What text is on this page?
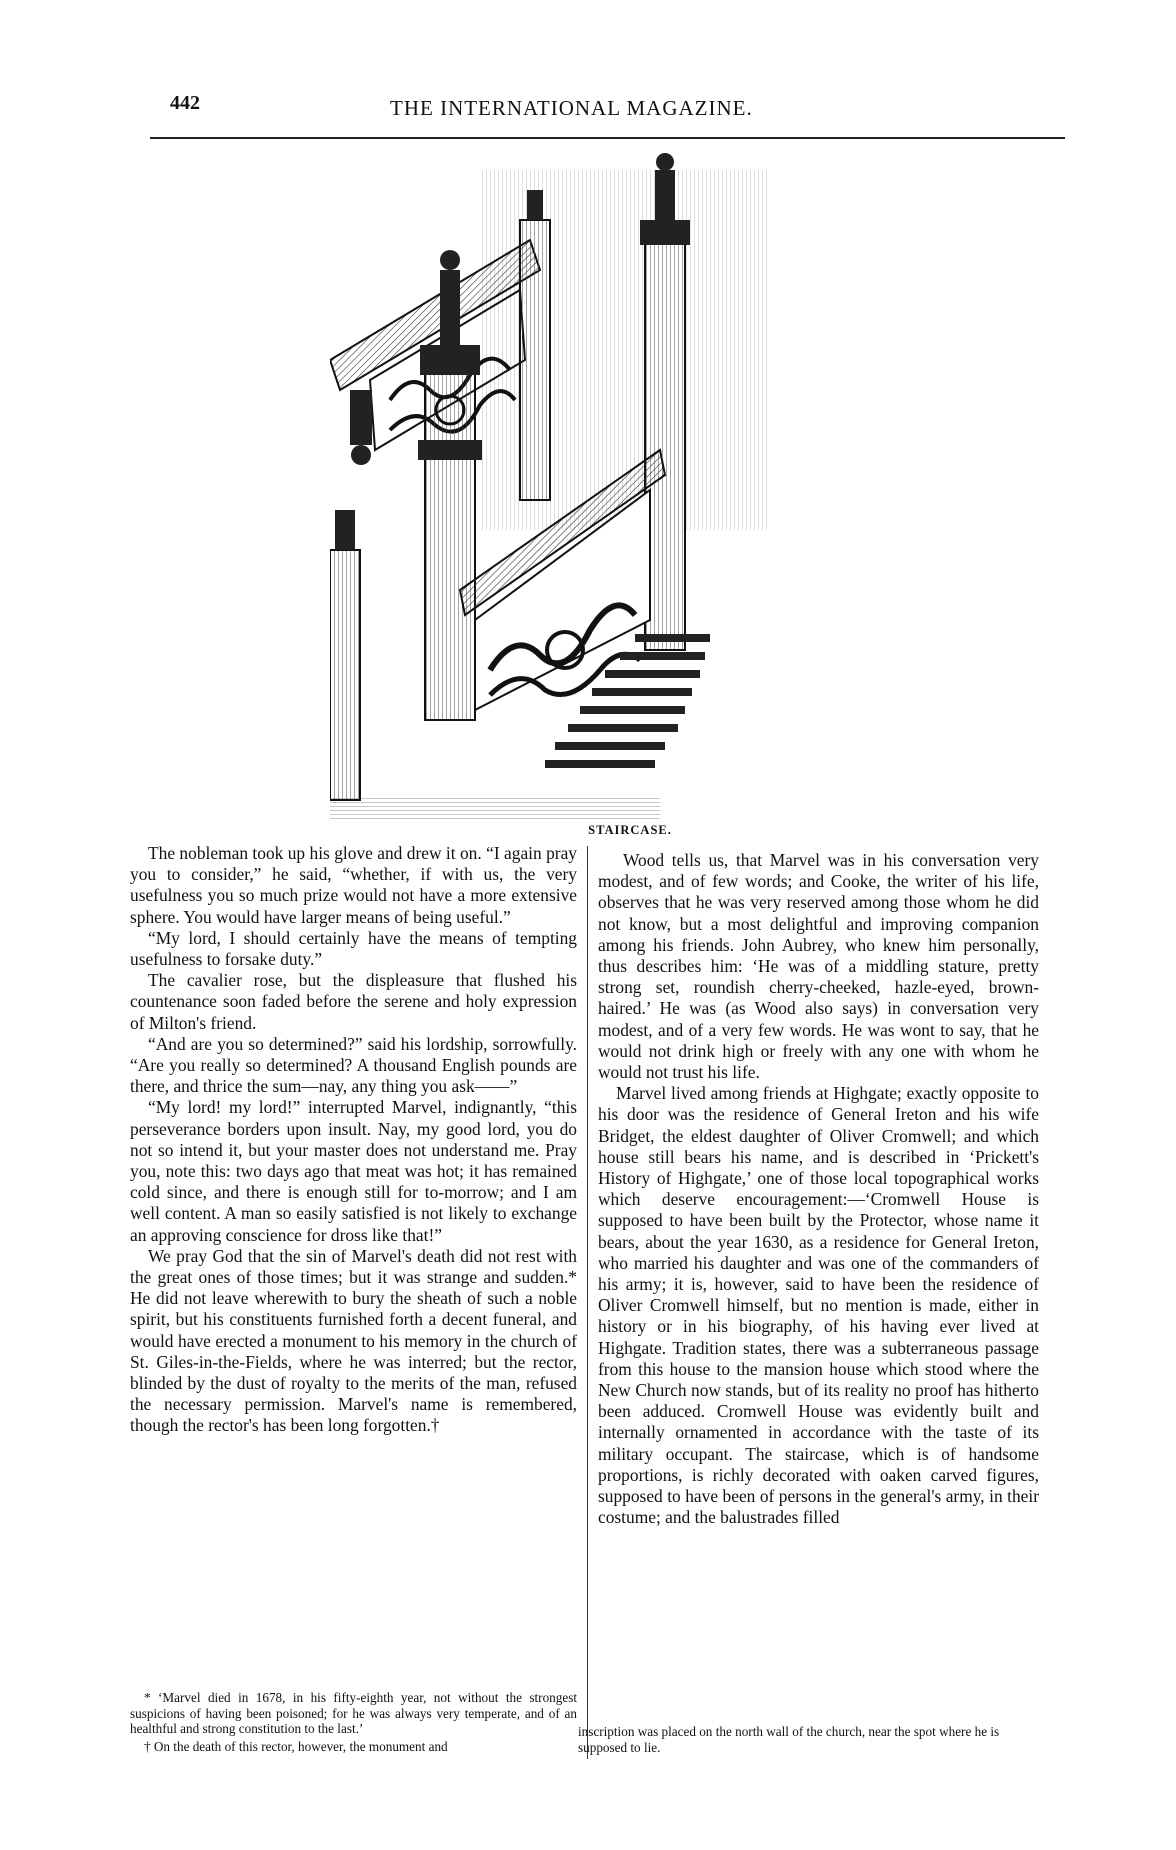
442	THE INTERNATIONAL MAGAZINE.
STAIRCASE.

The nobleman took up his glove and drew it on. “I again pray you to consider,” he said, “whether, if with us, the very usefulness you so much prize would not have a more extensive sphere. You would have larger means of being useful.”

“My lord, I should certainly have the means of tempting usefulness to forsake duty.”

The cavalier rose, but the displeasure that flushed his countenance soon faded before the serene and holy expression of Milton's friend.

“And are you so determined?” said his lordship, sorrowfully. “Are you really so determined? A thousand English pounds are there, and thrice the sum—nay, any thing you ask——”

“My lord! my lord!” interrupted Marvel, indignantly, “this perseverance borders upon insult. Nay, my good lord, you do not so intend it, but your master does not understand me. Pray you, note this: two days ago that meat was hot; it has remained cold since, and there is enough still for to-morrow; and I am well content. A man so easily satisfied is not likely to exchange an approving conscience for dross like that!”

We pray God that the sin of Marvel's death did not rest with the great ones of those times; but it was strange and sudden.* He did not leave wherewith to bury the sheath of such a noble spirit, but his constituents furnished forth a decent funeral, and would have erected a monument to his memory in the church of St. Giles-in-the-Fields, where he was interred; but the rector, blinded by the dust of royalty to the merits of the man, refused the necessary permission. Marvel's name is remembered, though the rector's has been long forgotten.†

Wood tells us, that Marvel was in his conversation very modest, and of few words; and Cooke, the writer of his life, observes that he was very reserved among those whom he did not know, but a most delightful and improving companion among his friends. John Aubrey, who knew him personally, thus describes him: ‘He was of a middling stature, pretty strong set, roundish cherry-cheeked, hazle-eyed, brown-haired.’ He was (as Wood also says) in conversation very modest, and of a very few words. He was wont to say, that he would not drink high or freely with any one with whom he would not trust his life.

Marvel lived among friends at Highgate; exactly opposite to his door was the residence of General Ireton and his wife Bridget, the eldest daughter of Oliver Cromwell; and which house still bears his name, and is described in ‘Prickett's History of Highgate,’ one of those local topographical works which deserve encouragement:—‘Cromwell House is supposed to have been built by the Protector, whose name it bears, about the year 1630, as a residence for General Ireton, who married his daughter and was one of the commanders of his army; it is, however, said to have been the residence of Oliver Cromwell himself, but no mention is made, either in history or in his biography, of his having ever lived at Highgate. Tradition states, there was a subterraneous passage from this house to the mansion house which stood where the New Church now stands, but of its reality no proof has hitherto been adduced. Cromwell House was evidently built and internally ornamented in accordance with the taste of its military occupant. The staircase, which is of handsome proportions, is richly decorated with oaken carved figures, supposed to have been of persons in the general's army, in their costume; and the balustrades filled

* ‘Marvel died in 1678, in his fifty-eighth year, not without the strongest suspicions of having been poisoned; for he was always very temperate, and of an healthful and strong constitution to the last.’

† On the death of this rector, however, the monument and

inscription was placed on the north wall of the church, near the spot where he is supposed to lie.
